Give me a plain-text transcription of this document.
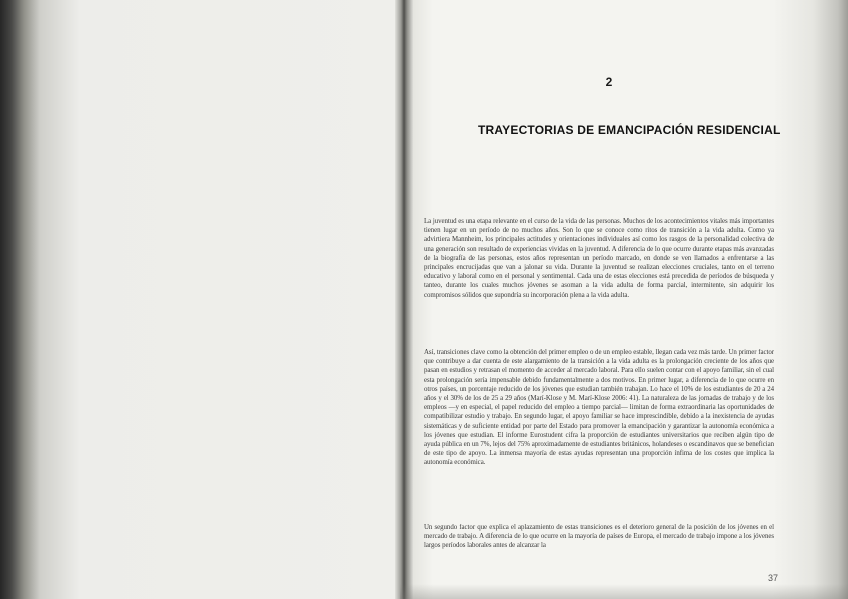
2
TRAYECTORIAS DE EMANCIPACIÓN RESIDENCIAL

La juventud es una etapa relevante en el curso de la vida de las personas. Muchos de los acontecimientos vitales más importantes tienen lugar en un período de no muchos años. Son lo que se conoce como ritos de transición a la vida adulta. Como ya advirtiera Mannheim, los principales actitudes y orientaciones individuales así como los rasgos de la personalidad colectiva de una generación son resultado de experiencias vividas en la juventud. A diferencia de lo que ocurre durante etapas más avanzadas de la biografía de las personas, estos años representan un período marcado, en donde se ven llamados a enfrentarse a las principales encrucijadas que van a jalonar su vida. Durante la juventud se realizan elecciones cruciales, tanto en el terreno educativo y laboral como en el personal y sentimental. Cada una de estas elecciones está precedida de períodos de búsqueda y tanteo, durante los cuales muchos jóvenes se asoman a la vida adulta de forma parcial, intermitente, sin adquirir los compromisos sólidos que supondría su incorporación plena a la vida adulta.

Así, transiciones clave como la obtención del primer empleo o de un empleo estable, llegan cada vez más tarde. Un primer factor que contribuye a dar cuenta de este alargamiento de la transición a la vida adulta es la prolongación creciente de los años que pasan en estudios y retrasan el momento de acceder al mercado laboral. Para ello suelen contar con el apoyo familiar, sin el cual esta prolongación sería impensable debido fundamentalmente a dos motivos. En primer lugar, a diferencia de lo que ocurre en otros países, un porcentaje reducido de los jóvenes que estudian también trabajan. Lo hace el 10% de los estudiantes de 20 a 24 años y el 30% de los de 25 a 29 años (Marí-Klose y M. Marí-Klose 2006: 41). La naturaleza de las jornadas de trabajo y de los empleos —y en especial, el papel reducido del empleo a tiempo parcial— limitan de forma extraordinaria las oportunidades de compatibilizar estudio y trabajo. En segundo lugar, el apoyo familiar se hace imprescindible, debido a la inexistencia de ayudas sistemáticas y de suficiente entidad por parte del Estado para promover la emancipación y garantizar la autonomía económica a los jóvenes que estudian. El informe Eurostudent cifra la proporción de estudiantes universitarios que reciben algún tipo de ayuda pública en un 7%, lejos del 75% aproximadamente de estudiantes británicos, holandeses o escandinavos que se benefician de este tipo de apoyo. La inmensa mayoría de estas ayudas representan una proporción ínfima de los costes que implica la autonomía económica.

Un segundo factor que explica el aplazamiento de estas transiciones es el deterioro general de la posición de los jóvenes en el mercado de trabajo. A diferencia de lo que ocurre en la mayoría de países de Europa, el mercado de trabajo impone a los jóvenes largos períodos laborales antes de alcanzar la

37
